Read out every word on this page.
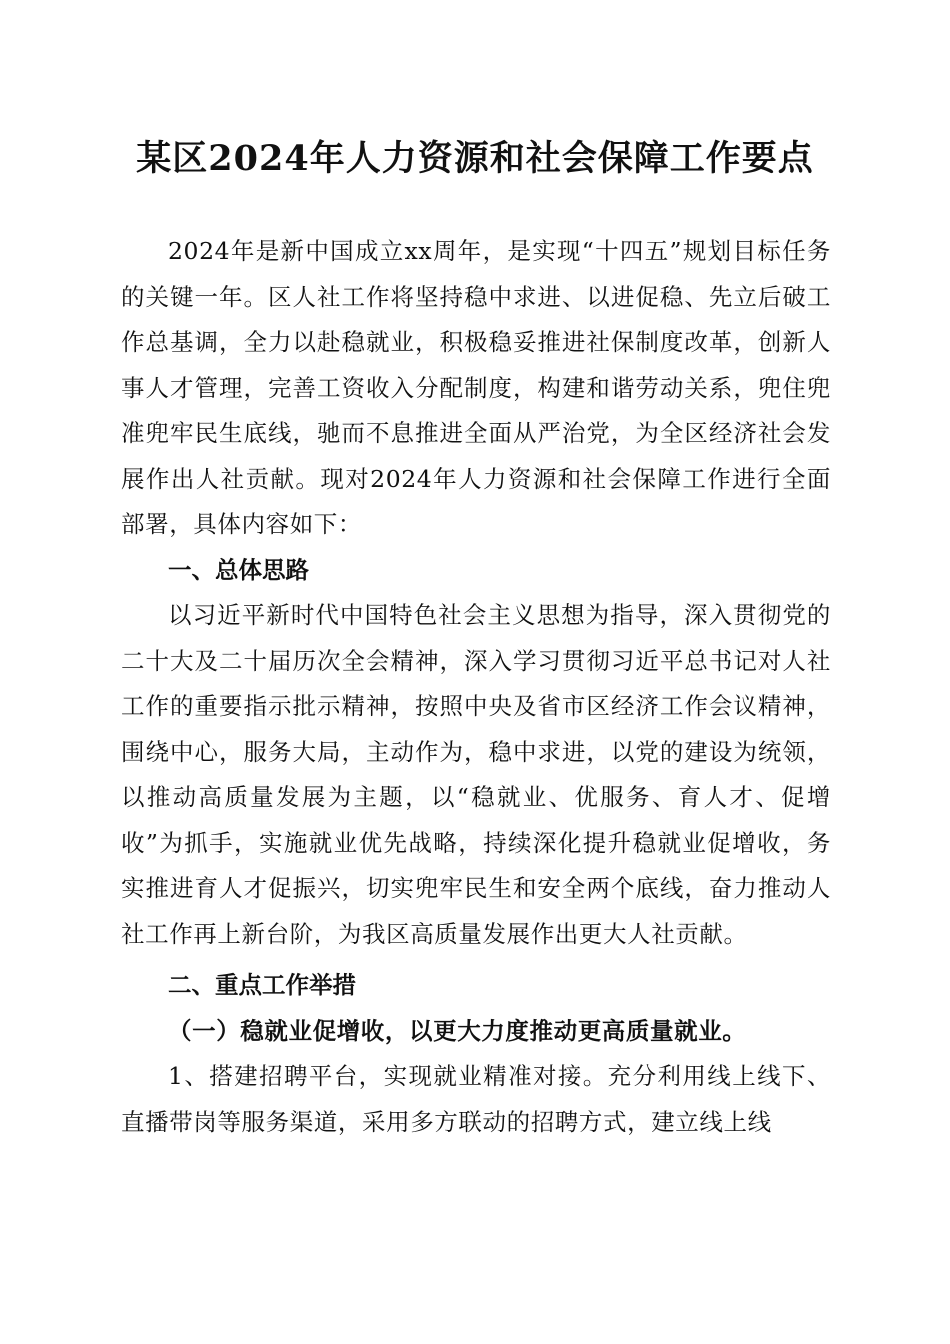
某区2024年人力资源和社会保障工作要点

2024年是新中国成立xx周年，是实现“十四五”规划目标任务的关键一年。区人社工作将坚持稳中求进、以进促稳、先立后破工作总基调，全力以赴稳就业，积极稳妥推进社保制度改革，创新人事人才管理，完善工资收入分配制度，构建和谐劳动关系，兜住兜准兜牢民生底线，驰而不息推进全面从严治党，为全区经济社会发展作出人社贡献。现对2024年人力资源和社会保障工作进行全面部署，具体内容如下：

一、总体思路

以习近平新时代中国特色社会主义思想为指导，深入贯彻党的二十大及二十届历次全会精神，深入学习贯彻习近平总书记对人社工作的重要指示批示精神，按照中央及省市区经济工作会议精神，围绕中心，服务大局，主动作为，稳中求进，以党的建设为统领，以推动高质量发展为主题，以“稳就业、优服务、育人才、促增收”为抓手，实施就业优先战略，持续深化提升稳就业促增收，务实推进育人才促振兴，切实兜牢民生和安全两个底线，奋力推动人社工作再上新台阶，为我区高质量发展作出更大人社贡献。

二、重点工作举措

（一）稳就业促增收，以更大力度推动更高质量就业。

1、搭建招聘平台，实现就业精准对接。充分利用线上线下、直播带岗等服务渠道，采用多方联动的招聘方式，建立线上线
